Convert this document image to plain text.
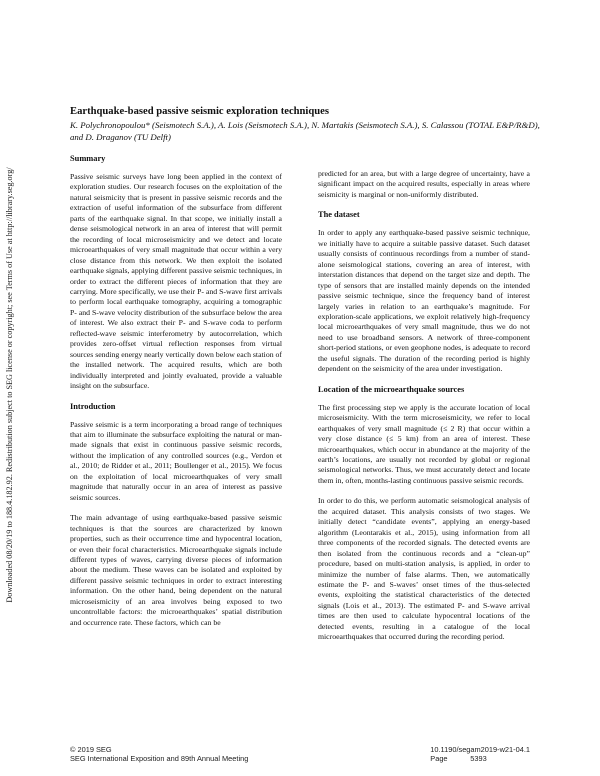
Downloaded 08/20/19 to 188.4.182.92. Redistribution subject to SEG license or copyright; see Terms of Use at http://library.seg.org/
Earthquake-based passive seismic exploration techniques
K. Polychronopoulou* (Seismotech S.A.), A. Lois (Seismotech S.A.), N. Martakis (Seismotech S.A.), S. Calassou (TOTAL E&P/R&D), and D. Draganov (TU Delft)
Summary

Passive seismic surveys have long been applied in the context of exploration studies. Our research focuses on the exploitation of the natural seismicity that is present in passive seismic records and the extraction of useful information of the subsurface from different parts of the earthquake signal. In that scope, we initially install a dense seismological network in an area of interest that will permit the recording of local microseismicity and we detect and locate microearthquakes of very small magnitude that occur within a very close distance from this network. We then exploit the isolated earthquake signals, applying different passive seismic techniques, in order to extract the different pieces of information that they are carrying. More specifically, we use their P- and S-wave first arrivals to perform local earthquake tomography, acquiring a tomographic P- and S-wave velocity distribution of the subsurface below the area of interest. We also extract their P- and S-wave coda to perform reflected-wave seismic interferometry by autocorrelation, which provides zero-offset virtual reflection responses from virtual sources sending energy nearly vertically down below each station of the installed network. The acquired results, which are both individually interpreted and jointly evaluated, provide a valuable insight on the subsurface.

Introduction

Passive seismic is a term incorporating a broad range of techniques that aim to illuminate the subsurface exploiting the natural or man-made signals that exist in continuous passive seismic records, without the implication of any controlled sources (e.g., Verdon et al., 2010; de Ridder et al., 2011; Boullenger et al., 2015). We focus on the exploitation of local microearthquakes of very small magnitude that naturally occur in an area of interest as passive seismic sources.

The main advantage of using earthquake-based passive seismic techniques is that the sources are characterized by known properties, such as their occurrence time and hypocentral location, or even their focal characteristics. Microearthquake signals include different types of waves, carrying diverse pieces of information about the medium. These waves can be isolated and exploited by different passive seismic techniques in order to extract interesting information. On the other hand, being dependent on the natural microseismicity of an area involves being exposed to two uncontrollable factors: the microearthquakes’ spatial distribution and occurrence rate. These factors, which can be

predicted for an area, but with a large degree of uncertainty, have a significant impact on the acquired results, especially in areas where seismicity is marginal or non-uniformly distributed.

The dataset

In order to apply any earthquake-based passive seismic technique, we initially have to acquire a suitable passive dataset. Such dataset usually consists of continuous recordings from a number of stand-alone seismological stations, covering an area of interest, with interstation distances that depend on the target size and depth. The type of sensors that are installed mainly depends on the intended passive seismic technique, since the frequency band of interest largely varies in relation to an earthquake’s magnitude. For exploration-scale applications, we exploit relatively high-frequency local microearthquakes of very small magnitude, thus we do not need to use broadband sensors. A network of three-component short-period stations, or even geophone nodes, is adequate to record the useful signals. The duration of the recording period is highly dependent on the seismicity of the area under investigation.

Location of the microearthquake sources

The first processing step we apply is the accurate location of local microseismicity. With the term microseismicity, we refer to local earthquakes of very small magnitude (≤ 2 R) that occur within a very close distance (≤ 5 km) from an area of interest. These microearthquakes, which occur in abundance at the majority of the earth’s locations, are usually not recorded by global or regional seismological networks. Thus, we must accurately detect and locate them in, often, months-lasting continuous passive seismic records.

In order to do this, we perform automatic seismological analysis of the acquired dataset. This analysis consists of two stages. We initially detect “candidate events”, applying an energy-based algorithm (Leontarakis et al., 2015), using information from all three components of the recorded signals. The detected events are then isolated from the continuous records and a “clean-up” procedure, based on multi-station analysis, is applied, in order to minimize the number of false alarms. Then, we automatically estimate the P- and S-waves’ onset times of the thus-selected events, exploiting the statistical characteristics of the detected signals (Lois et al., 2013). The estimated P- and S-wave arrival times are then used to calculate hypocentral locations of the detected events, resulting in a catalogue of the local microearthquakes that occurred during the recording period.

© 2019 SEG
SEG International Exposition and 89th Annual Meeting
10.1190/segam2019-w21-04.1
Page	5393
